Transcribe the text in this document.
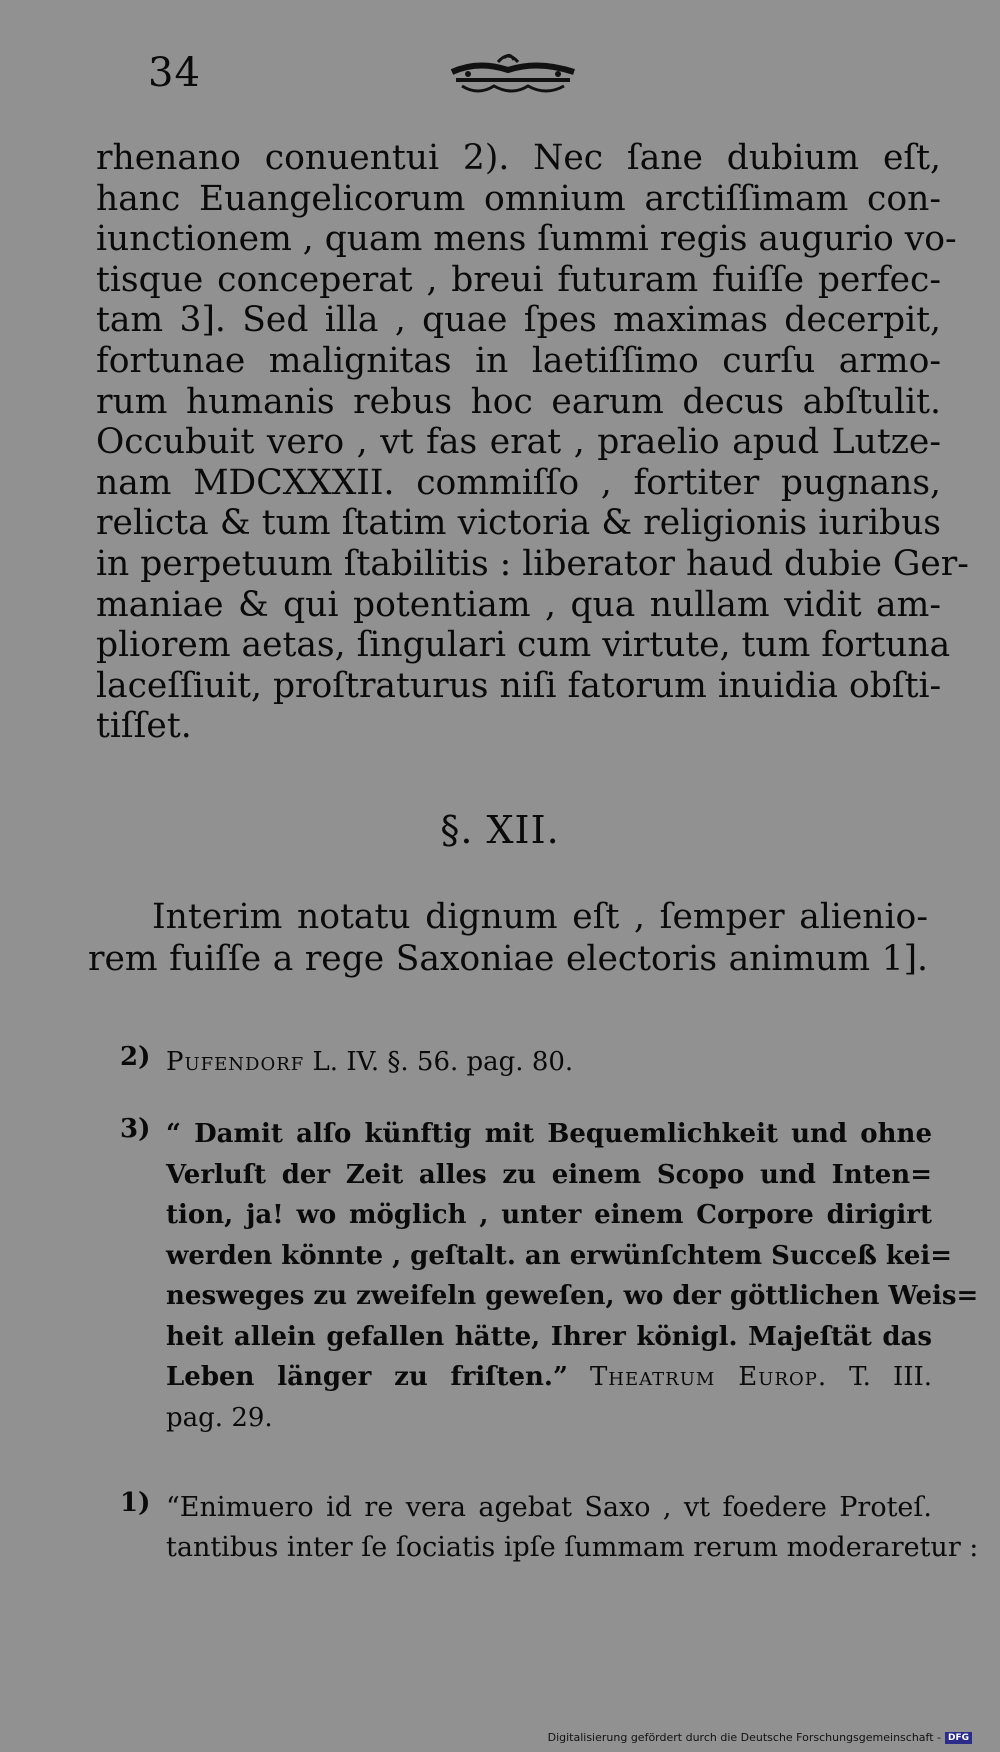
34
rhenano conuentui 2). Nec ſane dubium eſt,
hanc Euangelicorum omnium arctiſſimam con-
iunctionem , quam mens ſummi regis augurio vo-
tisque conceperat , breui futuram fuiſſe perfec-
tam 3]. Sed illa , quae ſpes maximas decerpit,
fortunae malignitas in laetiſſimo curſu armo-
rum humanis rebus hoc earum decus abſtulit.
Occubuit vero , vt fas erat , praelio apud Lutze-
nam MDCXXXII. commiſſo , fortiter pugnans,
relicta & tum ſtatim victoria & religionis iuribus
in perpetuum ſtabilitis : liberator haud dubie Ger-
maniae & qui potentiam , qua nullam vidit am-
pliorem aetas, ſingulari cum virtute, tum fortuna
laceſſiuit, proſtraturus niſi fatorum inuidia obſti-
tiſſet.
§. XII.
Interim notatu dignum eſt , ſemper alienio-
rem fuiſſe a rege Saxoniae electoris animum 1].
2) Pufendorf L. IV. §. 56. pag. 80.
3) “ Damit alſo künftig mit Bequemlichkeit und ohne
Verluſt der Zeit alles zu einem Scopo und Inten=
tion, ja! wo möglich , unter einem Corpore dirigirt
werden könnte , geſtalt. an erwünſchtem Succeß kei=
nesweges zu zweifeln geweſen, wo der göttlichen Weis=
heit allein gefallen hätte, Ihrer königl. Majeſtät das
Leben länger zu friſten.” Theatrum Europ. T. III.
pag. 29.
1) “Enimuero id re vera agebat Saxo , vt foedere Proteſ.
tantibus inter ſe ſociatis ipſe ſummam rerum moderaretur :
Digitalisierung gefördert durch die Deutsche Forschungsgemeinschaft - DFG
